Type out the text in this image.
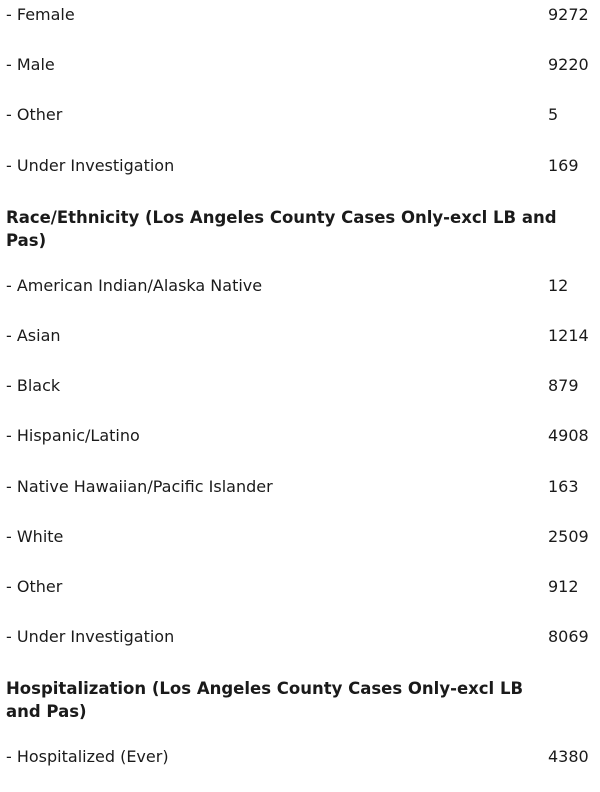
- Female	9272
- Male	9220
- Other	5
- Under Investigation	169
Race/Ethnicity (Los Angeles County Cases Only-excl LB and Pas)
- American Indian/Alaska Native	12
- Asian	1214
- Black	879
- Hispanic/Latino	4908
- Native Hawaiian/Pacific Islander	163
- White	2509
- Other	912
- Under Investigation	8069
Hospitalization (Los Angeles County Cases Only-excl LB and Pas)
- Hospitalized (Ever)	4380
